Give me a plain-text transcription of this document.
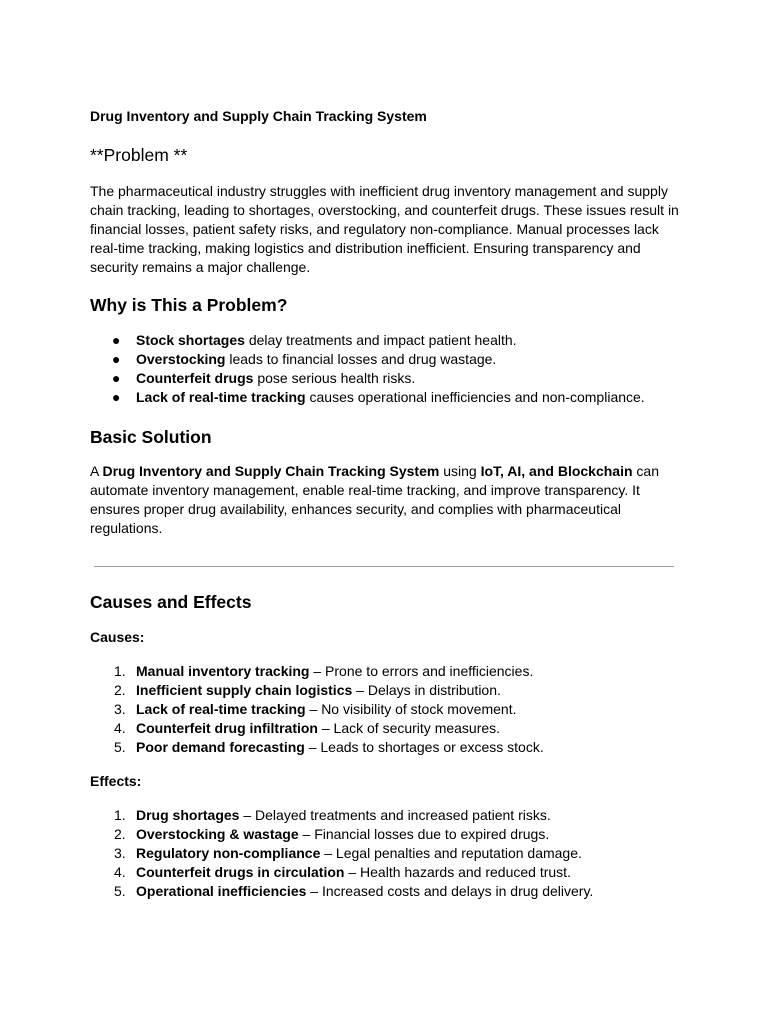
Drug Inventory and Supply Chain Tracking System
**Problem **
The pharmaceutical industry struggles with inefficient drug inventory management and supply
chain tracking, leading to shortages, overstocking, and counterfeit drugs. These issues result in
financial losses, patient safety risks, and regulatory non-compliance. Manual processes lack
real-time tracking, making logistics and distribution inefficient. Ensuring transparency and
security remains a major challenge.
Why is This a Problem?
●	Stock shortages delay treatments and impact patient health.
●	Overstocking leads to financial losses and drug wastage.
●	Counterfeit drugs pose serious health risks.
●	Lack of real-time tracking causes operational inefficiencies and non-compliance.
Basic Solution
A Drug Inventory and Supply Chain Tracking System using IoT, AI, and Blockchain can
automate inventory management, enable real-time tracking, and improve transparency. It
ensures proper drug availability, enhances security, and complies with pharmaceutical
regulations.
Causes and Effects
Causes:
1. Manual inventory tracking – Prone to errors and inefficiencies.
2. Inefficient supply chain logistics – Delays in distribution.
3. Lack of real-time tracking – No visibility of stock movement.
4. Counterfeit drug infiltration – Lack of security measures.
5. Poor demand forecasting – Leads to shortages or excess stock.
Effects:
1. Drug shortages – Delayed treatments and increased patient risks.
2. Overstocking & wastage – Financial losses due to expired drugs.
3. Regulatory non-compliance – Legal penalties and reputation damage.
4. Counterfeit drugs in circulation – Health hazards and reduced trust.
5. Operational inefficiencies – Increased costs and delays in drug delivery.
